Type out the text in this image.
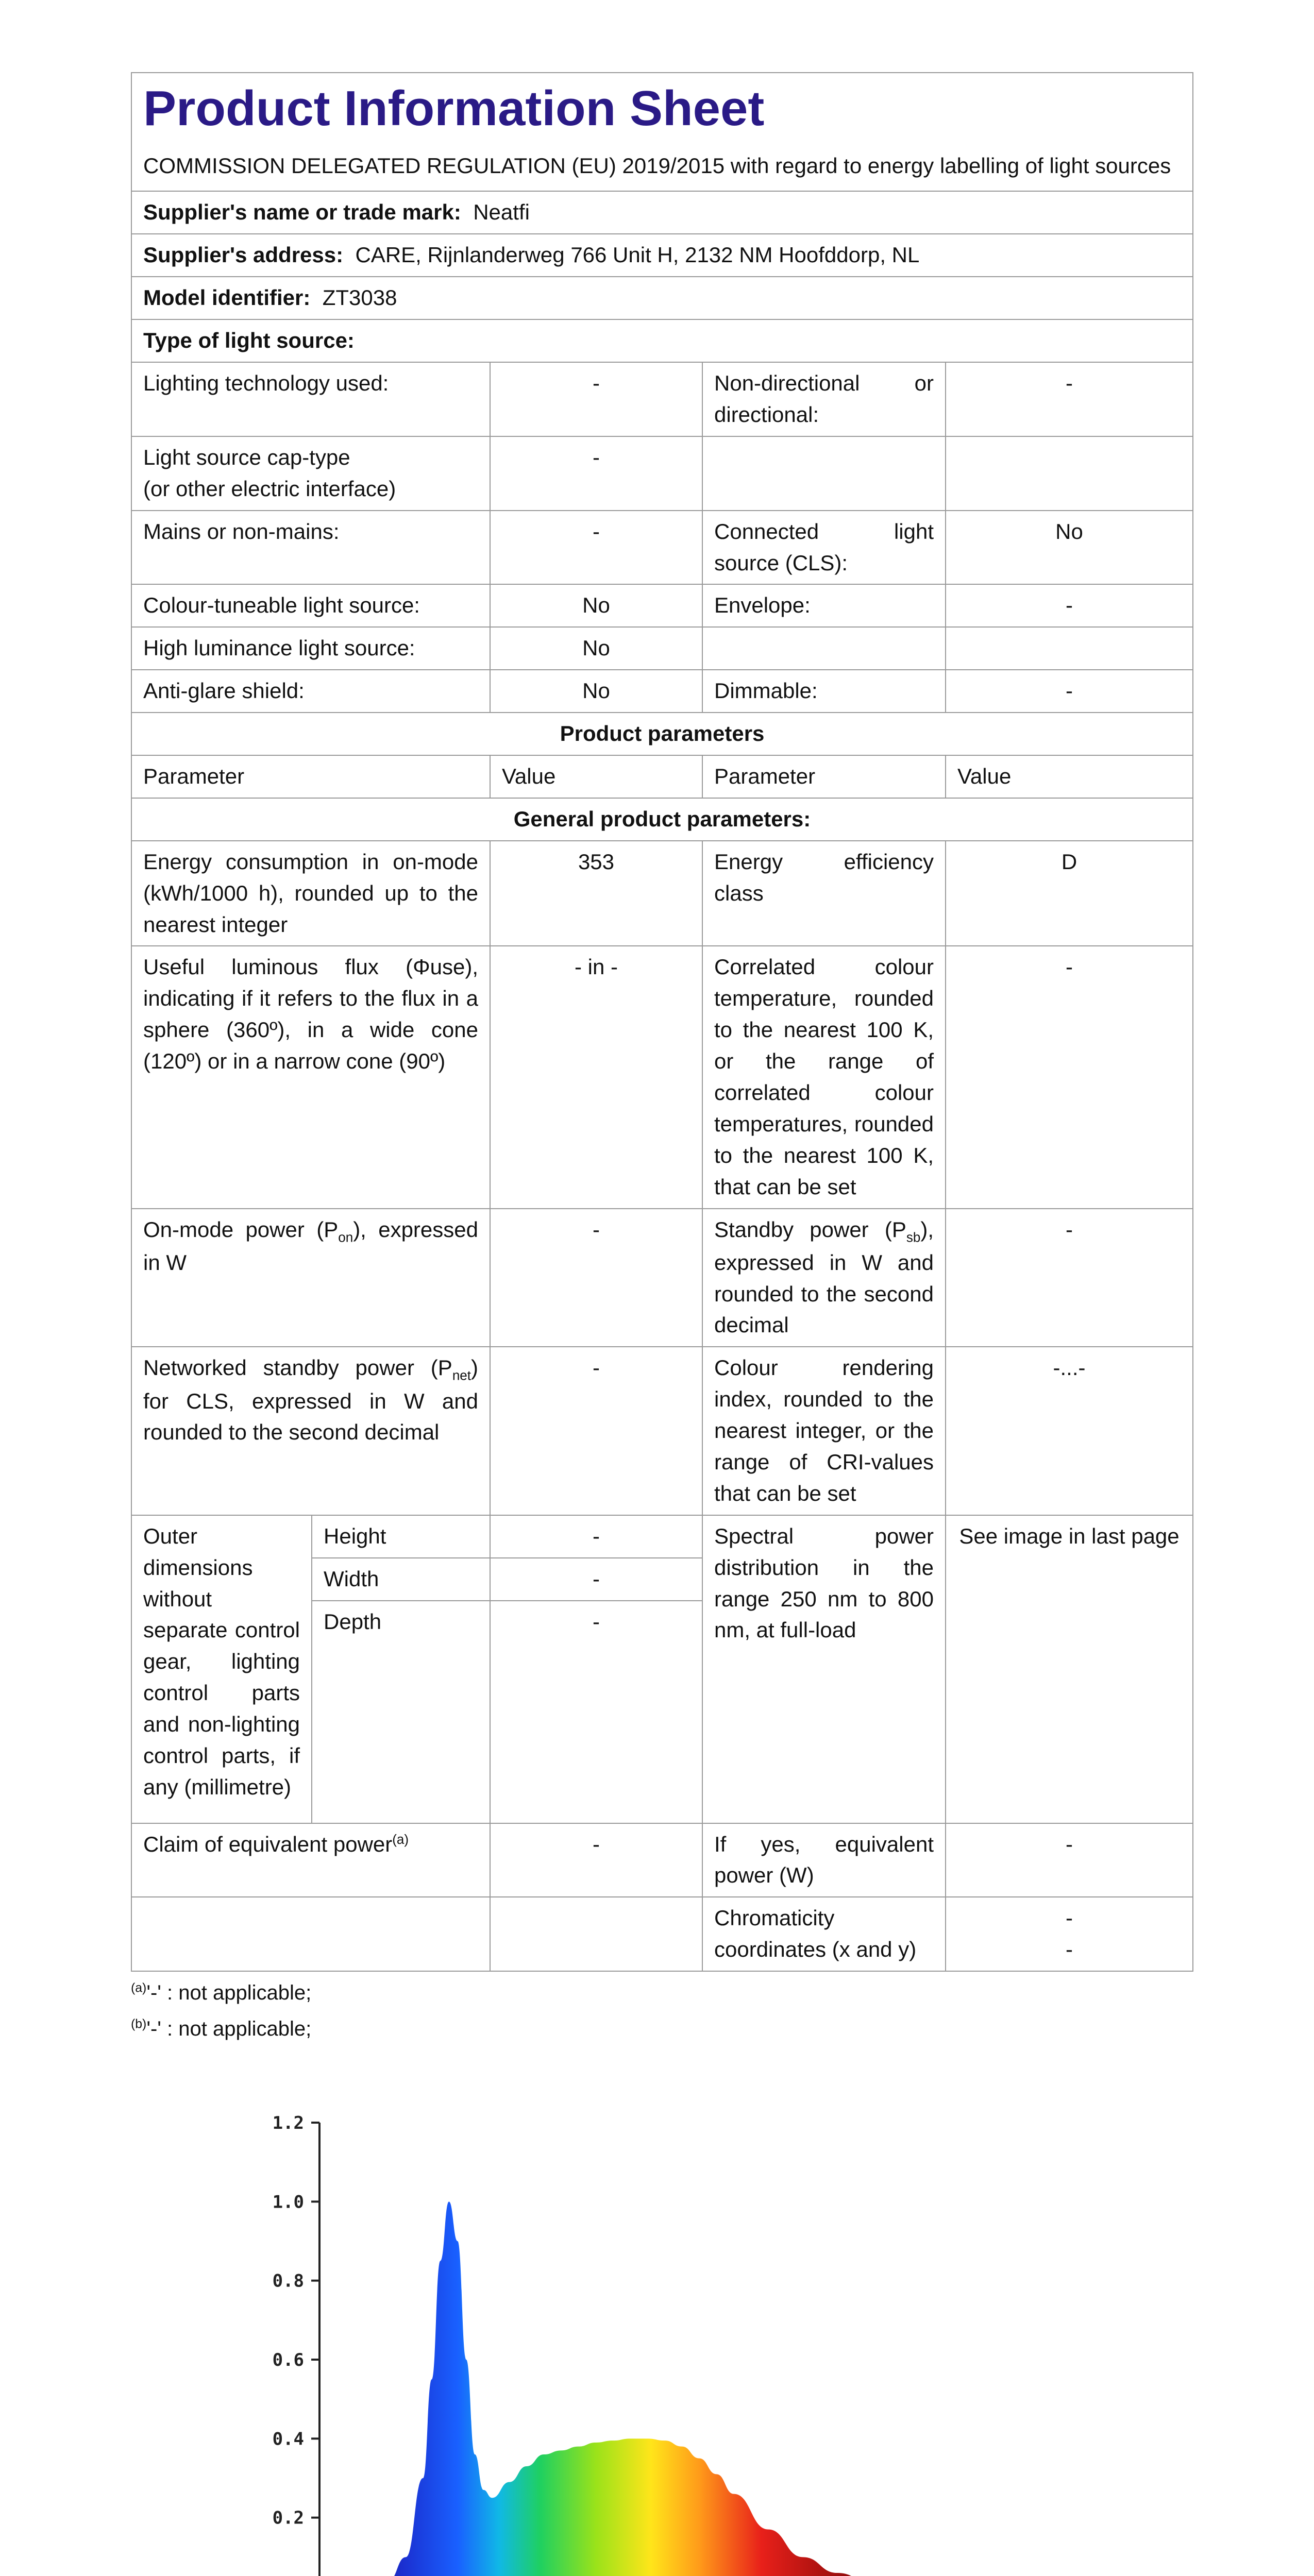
Product Information Sheet
COMMISSION DELEGATED REGULATION (EU) 2019/2015 with regard to energy labelling of light sources				

Supplier's name or trade mark: Neatfi				
Supplier's address: CARE, Rijnlanderweg 766 Unit H, 2132 NM Hoofddorp, NL				
Model identifier: ZT3038				
Type of light source:				
Lighting technology used:		-	Non-directional or directional:	-
Light source cap-type
(or other electric interface)		-		
Mains or non-mains:		-	Connected light source (CLS):	No
Colour-tuneable light source:		No	Envelope:	-
High luminance light source:		No		
Anti-glare shield:		No	Dimmable:	-
Product parameters				
Parameter		Value	Parameter	Value
General product parameters:				
Energy consumption in on-mode (kWh/1000 h), rounded up to the nearest integer		353	Energy efficiency class	D
Useful luminous flux (Φuse), indicating if it refers to the flux in a sphere (360º), in a wide cone (120º) or in a narrow cone (90º)		- in -	Correlated colour temperature, rounded to the nearest 100 K, or the range of correlated colour temperatures, rounded to the nearest 100 K, that can be set	-
On-mode power $(P_{on})$, expressed in W		-	Standby power $(P_{sb})$, expressed in W and rounded to the second decimal	-
Networked standby power $(P_{net})$ for CLS, expressed in W and rounded to the second decimal		-	Colour rendering index, rounded to the nearest integer, or the range of CRI-values that can be set	-...-
Outer dimensions without separate control gear, lighting control parts and non-lighting control parts, if any (millimetre)	Height	-	Spectral power distribution in the range 250 nm to 800 nm, at full-load	See image in last page
	Width	-		
	Depth	-		
Claim of equivalent power$^{(a)}$		-	If yes, equivalent power (W)	-
			Chromaticity coordinates (x and y)	-
-
$^{(a)}$'-' : not applicable;
$^{(b)}$'-' : not applicable;
0.2
0.4
0.6
0.8
1.0
1.2
